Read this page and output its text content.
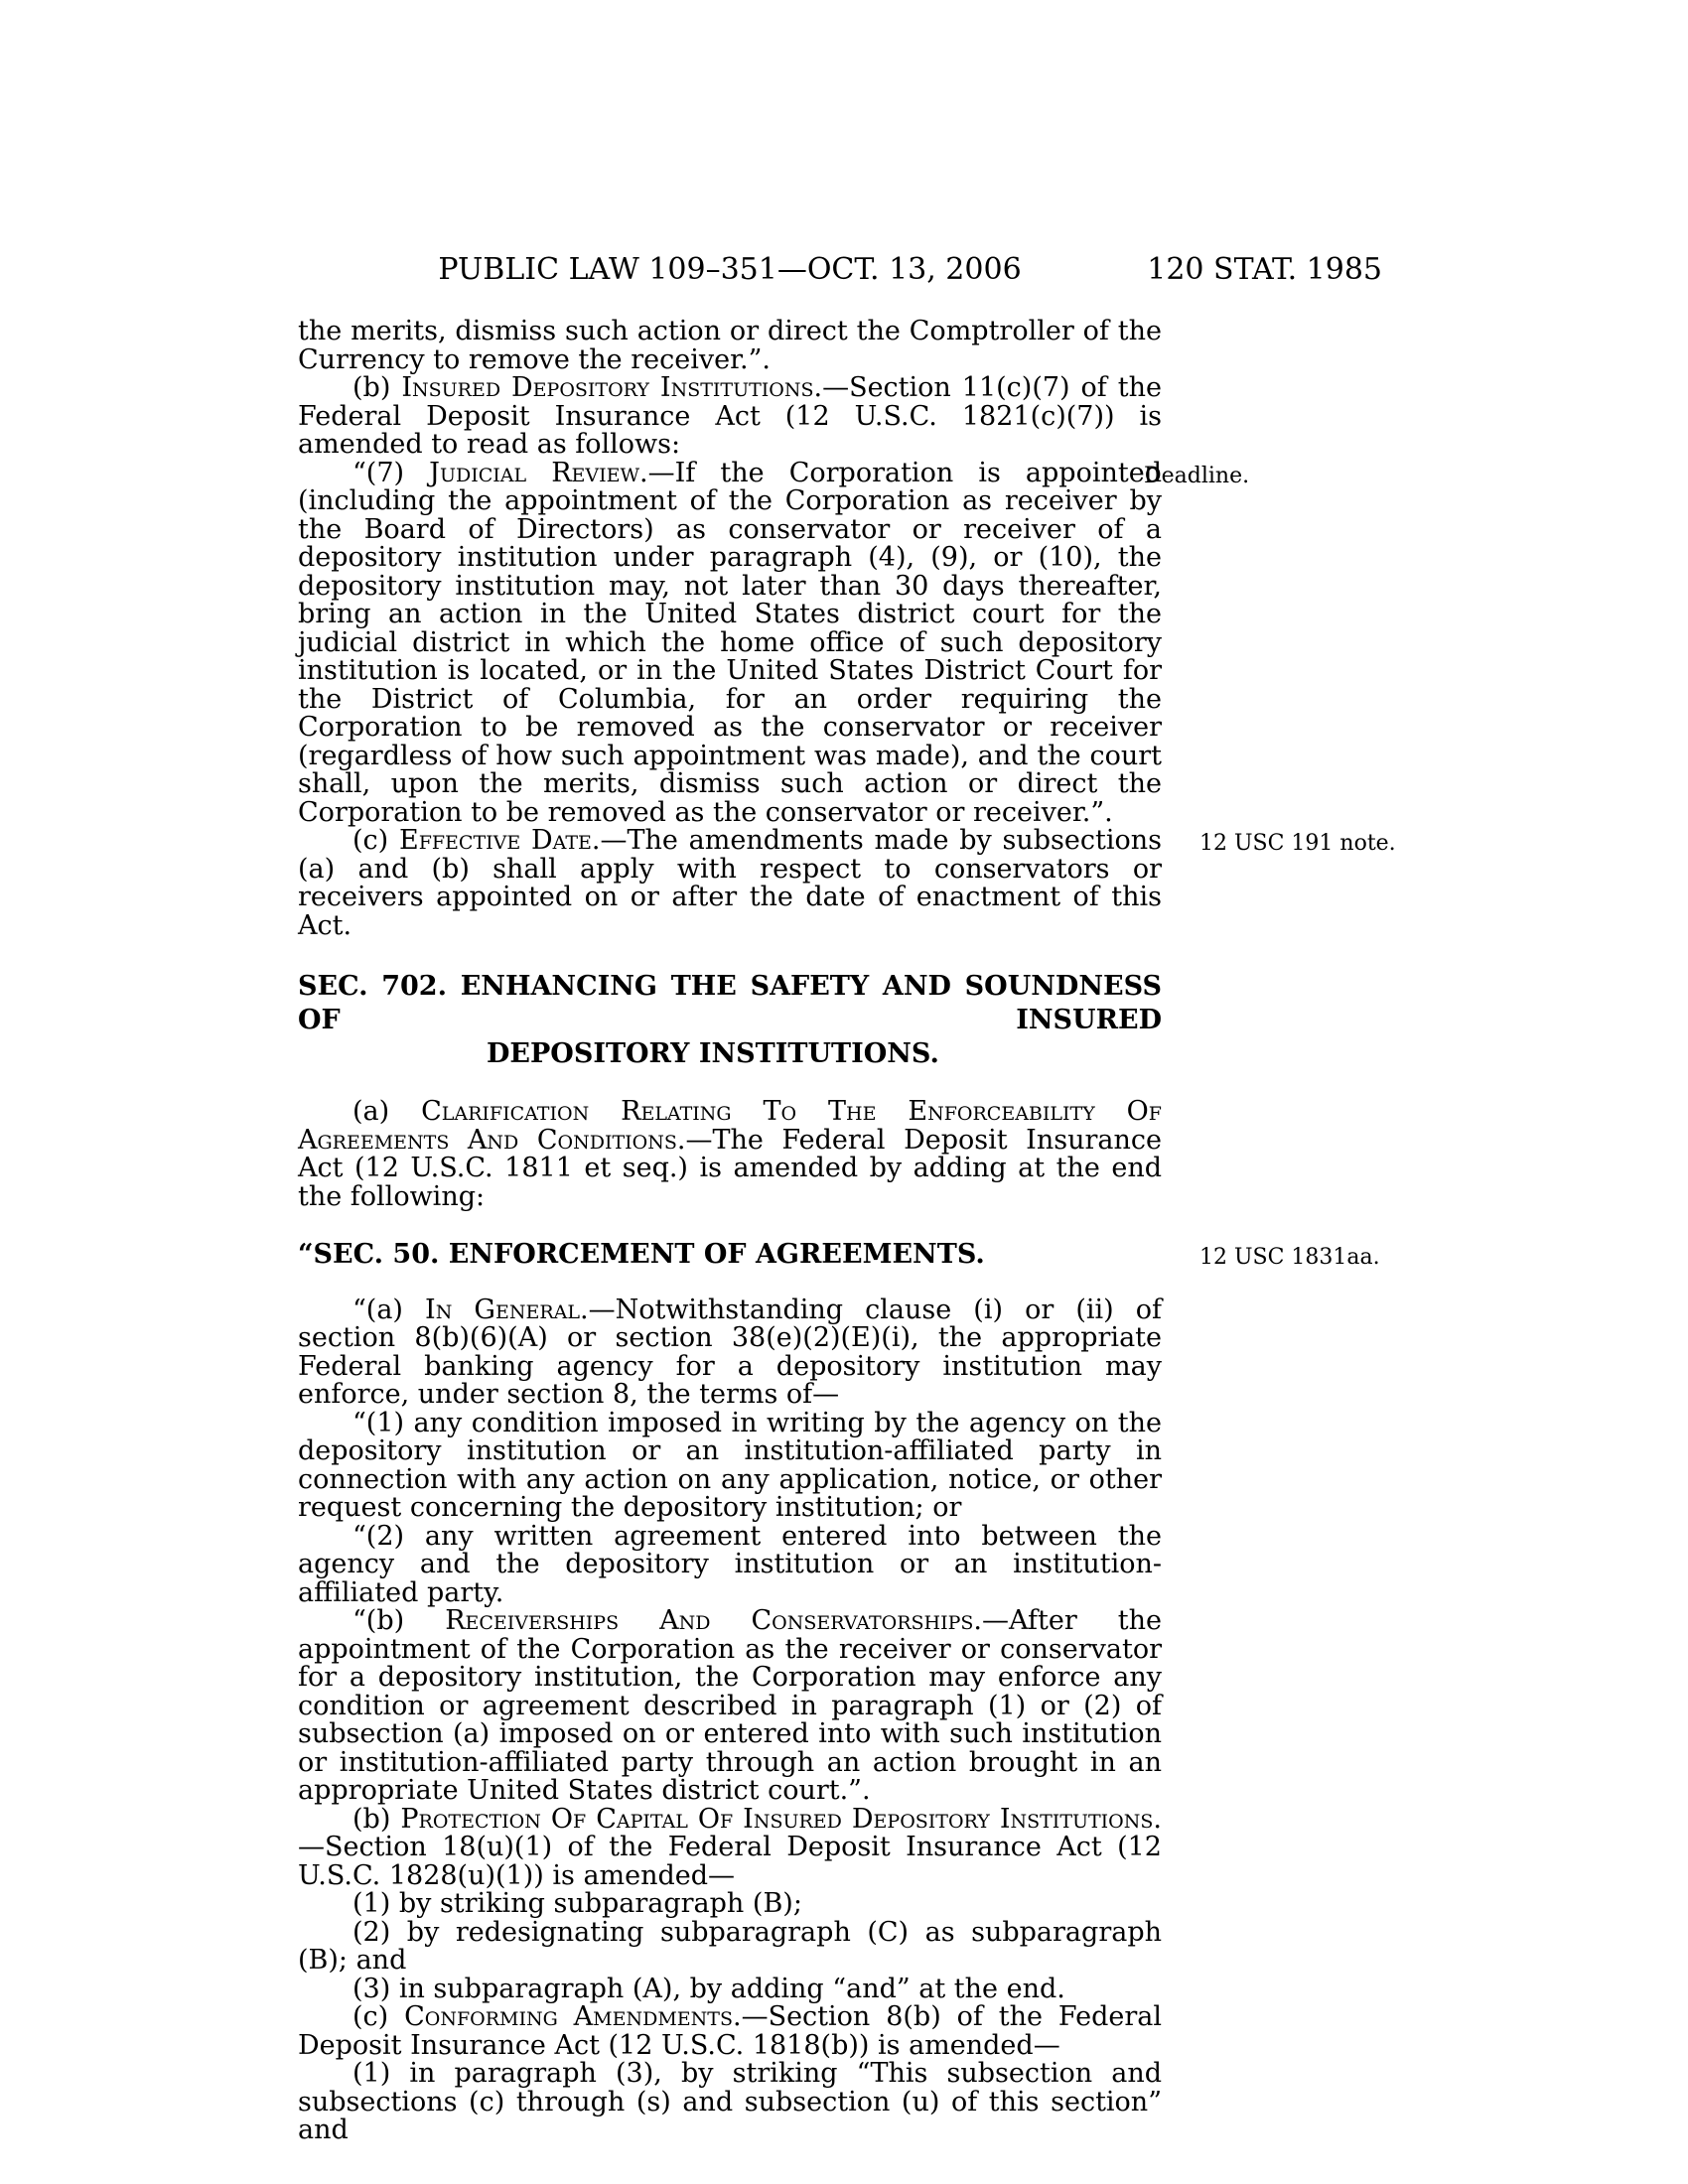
PUBLIC LAW 109–351—OCT. 13, 2006	120 STAT. 1985

the merits, dismiss such action or direct the Comptroller of the Currency to remove the receiver.”.

(b) Insured Depository Institutions.—Section 11(c)(7) of the Federal Deposit Insurance Act (12 U.S.C. 1821(c)(7)) is amended to read as follows:

“(7) Judicial Review.—If the Corporation is appointed (including the appointment of the Corporation as receiver by the Board of Directors) as conservator or receiver of a depository institution under paragraph (4), (9), or (10), the depository institution may, not later than 30 days thereafter, bring an action in the United States district court for the judicial district in which the home office of such depository institution is located, or in the United States District Court for the District of Columbia, for an order requiring the Corporation to be removed as the conservator or receiver (regardless of how such appointment was made), and the court shall, upon the merits, dismiss such action or direct the Corporation to be removed as the conservator or receiver.”.
Deadline.

(c) Effective Date.—The amendments made by subsections (a) and (b) shall apply with respect to conservators or receivers appointed on or after the date of enactment of this Act.
12 USC 191 note.

SEC. 702. ENHANCING THE SAFETY AND SOUNDNESS OF INSURED
DEPOSITORY INSTITUTIONS.

(a) Clarification Relating To The Enforceability Of Agreements And Conditions.—The Federal Deposit Insurance Act (12 U.S.C. 1811 et seq.) is amended by adding at the end the following:

“SEC. 50. ENFORCEMENT OF AGREEMENTS.	12 USC 1831aa.

“(a) In General.—Notwithstanding clause (i) or (ii) of section 8(b)(6)(A) or section 38(e)(2)(E)(i), the appropriate Federal banking agency for a depository institution may enforce, under section 8, the terms of—

“(1) any condition imposed in writing by the agency on the depository institution or an institution-affiliated party in connection with any action on any application, notice, or other request concerning the depository institution; or

“(2) any written agreement entered into between the agency and the depository institution or an institution-affiliated party.

“(b) Receiverships And Conservatorships.—After the appointment of the Corporation as the receiver or conservator for a depository institution, the Corporation may enforce any condition or agreement described in paragraph (1) or (2) of subsection (a) imposed on or entered into with such institution or institution-affiliated party through an action brought in an appropriate United States district court.”.

(b) Protection Of Capital Of Insured Depository Institutions.—Section 18(u)(1) of the Federal Deposit Insurance Act (12 U.S.C. 1828(u)(1)) is amended—

(1) by striking subparagraph (B);

(2) by redesignating subparagraph (C) as subparagraph (B); and

(3) in subparagraph (A), by adding “and” at the end.

(c) Conforming Amendments.—Section 8(b) of the Federal Deposit Insurance Act (12 U.S.C. 1818(b)) is amended—

(1) in paragraph (3), by striking “This subsection and subsections (c) through (s) and subsection (u) of this section” and
